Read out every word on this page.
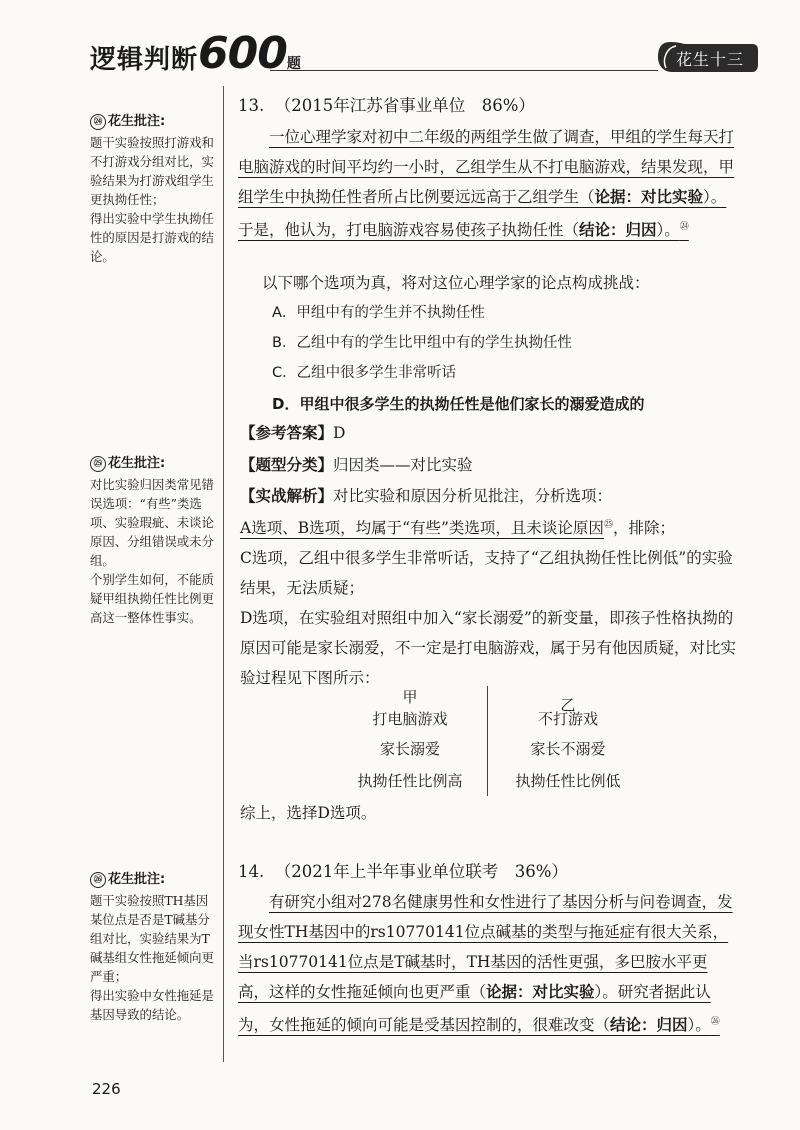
逻辑判断600题	花生十三
㉔ 花生批注:

题干实验按照打游戏和不打游戏分组对比，实验结果为打游戏组学生更执拗任性；

得出实验中学生执拗任性的原因是打游戏的结论。

㉕ 花生批注:

对比实验归因类常见错误选项：“有些”类选项、实验瑕疵、未谈论原因、分组错误或未分组。

个别学生如何，不能质疑甲组执拗任性比例更高这一整体性事实。

㉖ 花生批注:

题干实验按照TH基因某位点是否是T碱基分组对比，实验结果为T碱基组女性拖延倾向更严重；

得出实验中女性拖延是基因导致的结论。

13. （2015年江苏省事业单位　86%）

一位心理学家对初中二年级的两组学生做了调查，甲组的学生每天打电脑游戏的时间平均约一小时，乙组学生从不打电脑游戏，结果发现，甲组学生中执拗任性者所占比例要远远高于乙组学生（论据：对比实验）。于是，他认为，打电脑游戏容易使孩子执拗任性（结论：归因）。$^㉔$

以下哪个选项为真，将对这位心理学家的论点构成挑战：
A．甲组中有的学生并不执拗任性
B．乙组中有的学生比甲组中有的学生执拗任性
C．乙组中很多学生非常听话
D．甲组中很多学生的执拗任性是他们家长的溺爱造成的
【参考答案】D
【题型分类】归因类——对比实验
【实战解析】对比实验和原因分析见批注，分析选项：

A选项、B选项，均属于“有些”类选项，且未谈论原因$^㉕$，排除；

C选项，乙组中很多学生非常听话，支持了“乙组执拗任性比例低”的实验结果，无法质疑；

D选项，在实验组对照组中加入“家长溺爱”的新变量，即孩子性格执拗的原因可能是家长溺爱，不一定是打电脑游戏，属于另有他因质疑，对比实验过程见下图所示：

甲
打电脑游戏
家长溺爱
执拗任性比例高
乙
不打游戏
家长不溺爱
执拗任性比例低
综上，选择D选项。
14. （2021年上半年事业单位联考　36%）

有研究小组对278名健康男性和女性进行了基因分析与问卷调查，发现女性TH基因中的rs10770141位点碱基的类型与拖延症有很大关系，当rs10770141位点是T碱基时，TH基因的活性更强，多巴胺水平更高，这样的女性拖延倾向也更严重（论据：对比实验）。研究者据此认为，女性拖延的倾向可能是受基因控制的，很难改变（结论：归因）。$^㉖$

226
